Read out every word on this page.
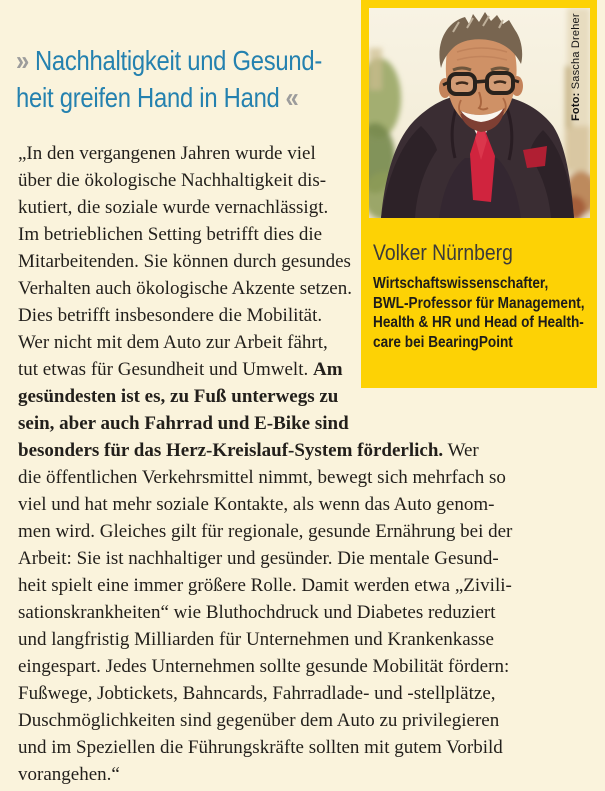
» Nachhaltigkeit und Gesund-
heit greifen Hand in Hand «
„In den vergangenen Jahren wurde viel
über die ökologische Nachhaltigkeit dis-
kutiert, die soziale wurde vernachlässigt.
Im betrieblichen Setting betrifft dies die
Mitarbeitenden. Sie können durch gesundes
Verhalten auch ökologische Akzente setzen.
Dies betrifft insbesondere die Mobilität.
Wer nicht mit dem Auto zur Arbeit fährt,
tut etwas für Gesundheit und Umwelt. Am
gesündesten ist es, zu Fuß unterwegs zu
sein, aber auch Fahrrad und E-Bike sind
besonders für das Herz-Kreislauf-System förderlich. Wer
die öffentlichen Verkehrsmittel nimmt, bewegt sich mehrfach so
viel und hat mehr soziale Kontakte, als wenn das Auto genom-
men wird. Gleiches gilt für regionale, gesunde Ernährung bei der
Arbeit: Sie ist nachhaltiger und gesünder. Die mentale Gesund-
heit spielt eine immer größere Rolle. Damit werden etwa „Zivili-
sationskrankheiten“ wie Bluthochdruck und Diabetes reduziert
und langfristig Milliarden für Unternehmen und Krankenkasse
eingespart. Jedes Unternehmen sollte gesunde Mobilität fördern:
Fußwege, Jobtickets, Bahncards, Fahrradlade- und -stellplätze,
Duschmöglichkeiten sind gegenüber dem Auto zu privilegieren
und im Speziellen die Führungskräfte sollten mit gutem Vorbild
vorangehen.“
Foto: Sascha Dreher
Volker Nürnberg
Wirtschaftswissenschafter,
BWL-Professor für Management,
Health & HR und Head of Health-
care bei BearingPoint
